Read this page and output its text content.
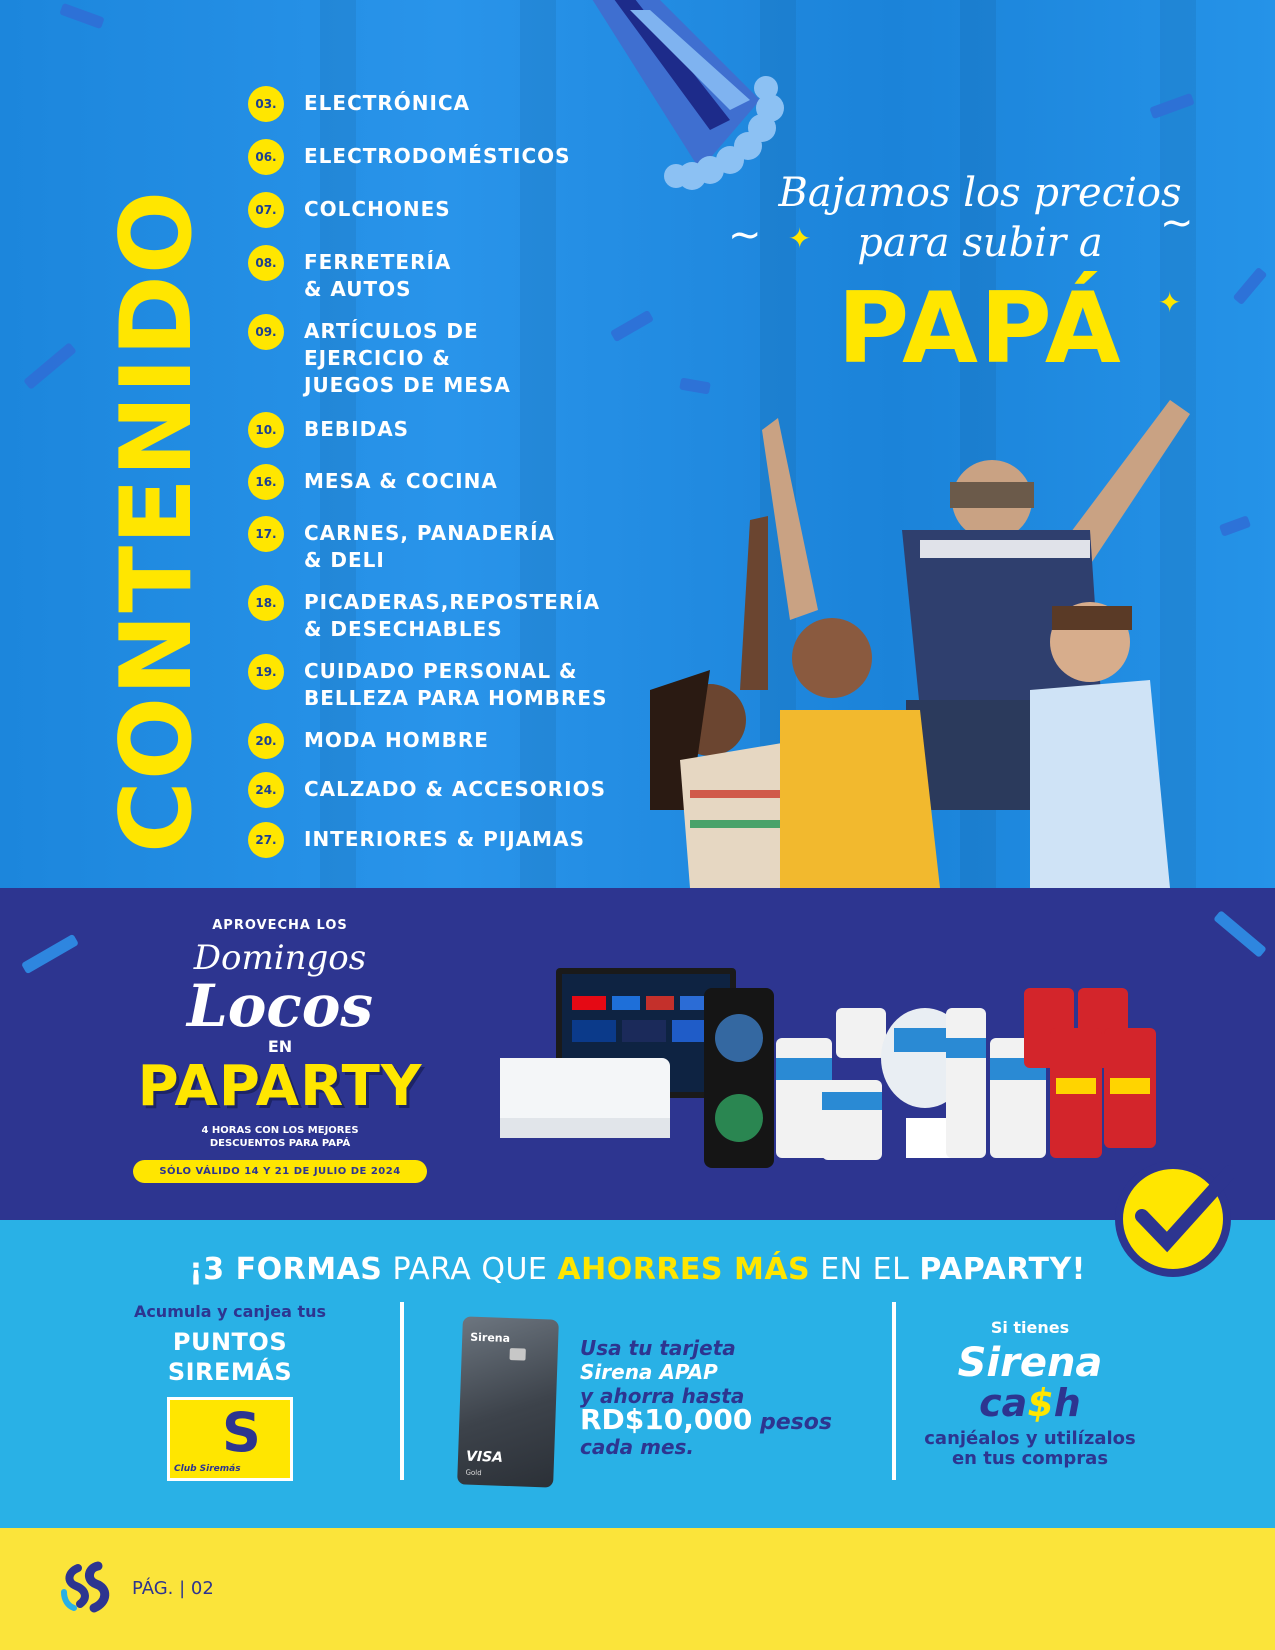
CONTENIDO
03.	ELECTRÓNICA
06.	ELECTRODOMÉSTICOS
07.	COLCHONES
08.	FERRETERÍA
& AUTOS
09.	ARTÍCULOS DE
EJERCICIO &
JUEGOS DE MESA
10.	BEBIDAS
16.	MESA & COCINA
17.	CARNES, PANADERÍA
& DELI
18.	PICADERAS,REPOSTERÍA
& DESECHABLES
19.	CUIDADO PERSONAL &
BELLEZA PARA HOMBRES
20.	MODA HOMBRE
24.	CALZADO & ACCESORIOS
27.	INTERIORES & PIJAMAS
Bajamos los precios
para subir a
PAPÁ
~	~
✦
✦
APROVECHA LOS
Domingos
Locos
EN
PAPARTY
4 HORAS CON LOS MEJORES
DESCUENTOS PARA PAPÁ
SÓLO VÁLIDO 14 Y 21 DE JULIO DE 2024
¡3 FORMAS PARA QUE AHORRES MÁS EN EL PAPARTY!
Acumula y canjea tus
PUNTOS
SIREMÁS
S
Club Siremás
Sirena
VISA
Gold
Usa tu tarjeta
Sirena APAP
y ahorra hasta
RD$10,000 pesos
cada mes.
Si tienes
Sirena
ca$h
canjéalos y utilízalos
en tus compras
PÁG. | 02
